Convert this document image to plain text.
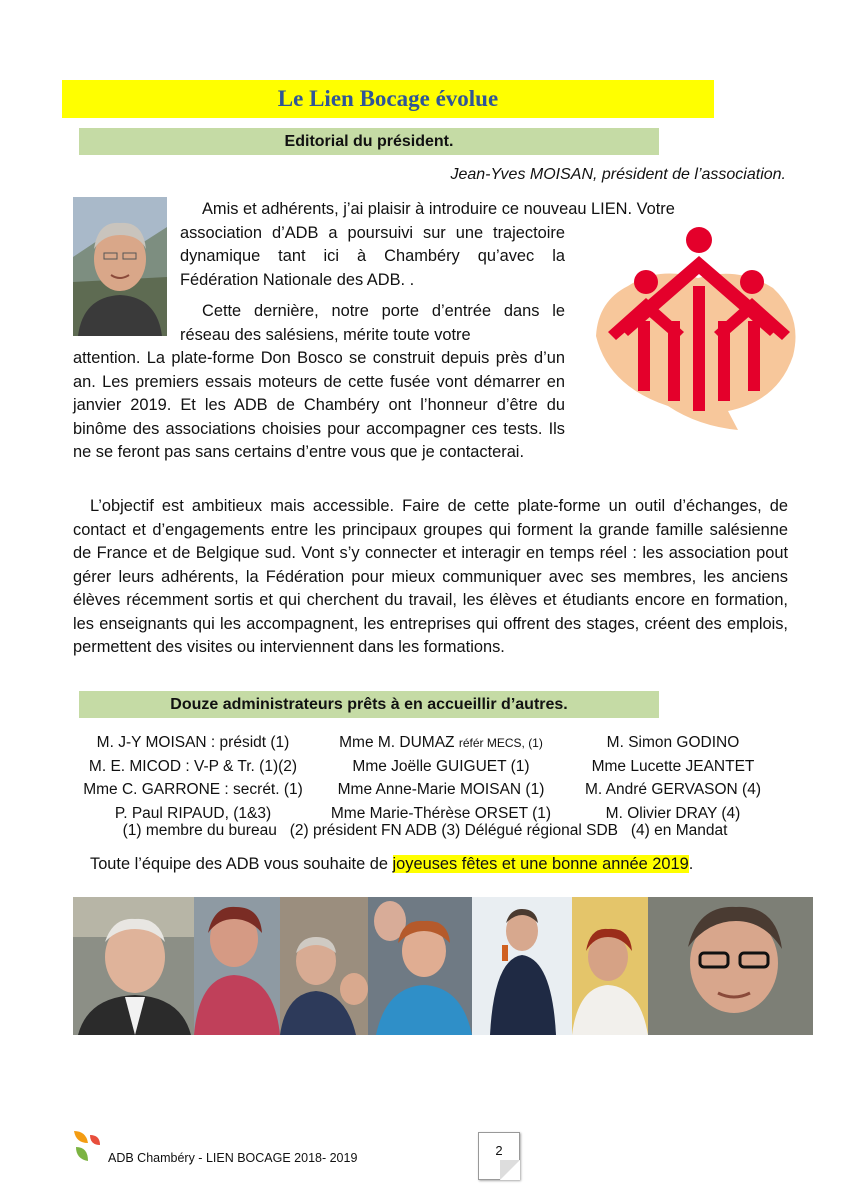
Le Lien Bocage évolue
Editorial du président.
Jean-Yves MOISAN, président de l’association.

Amis et adhérents, j’ai plaisir à introduire ce nouveau LIEN. Votre

association d’ADB a poursuivi sur une trajectoire dynamique tant ici à Chambéry qu’avec la Fédération Nationale des ADB. .

Cette dernière, notre porte d’entrée dans le réseau des salésiens, mérite toute votre

attention. La plate-forme Don Bosco se construit depuis près d’un an. Les premiers essais moteurs de cette fusée vont démarrer en janvier 2019. Et les ADB de Chambéry ont l’honneur d’être du binôme des associations choisies pour accompagner ces tests. Ils ne se feront pas sans certains d’entre vous que je contacterai.

L’objectif est ambitieux mais accessible. Faire de cette plate-forme un outil d’échanges, de contact et d’engagements entre les principaux groupes qui forment la grande famille salésienne de France et de Belgique sud. Vont s’y connecter et interagir en temps réel : les association pout gérer leurs adhérents, la Fédération pour mieux communiquer avec ses membres, les anciens élèves récemment sortis et qui cherchent du travail, les élèves et étudiants encore en formation, les enseignants qui les accompagnent, les entreprises qui offrent des stages, créent des emplois, permettent des visites ou interviennent dans les formations.

Douze administrateurs prêts à en accueillir d’autres.
M. J-Y MOISAN : présidt (1)	Mme M. DUMAZ référ MECS, (1)	M. Simon GODINO
M. E. MICOD : V-P & Tr. (1)(2)	Mme Joëlle GUIGUET (1)	Mme Lucette JEANTET
Mme C. GARRONE : secrét. (1)	Mme Anne-Marie MOISAN (1)	M. André GERVASON (4)
P. Paul RIPAUD, (1&3)	Mme Marie-Thérèse ORSET (1)	M. Olivier DRAY (4)
(1) membre du bureau   (2) président FN ADB (3) Délégué régional SDB   (4) en Mandat
Toute l’équipe des ADB vous souhaite de joyeuses fêtes et une bonne année 2019.
ADB Chambéry - LIEN BOCAGE 2018- 2019	2
